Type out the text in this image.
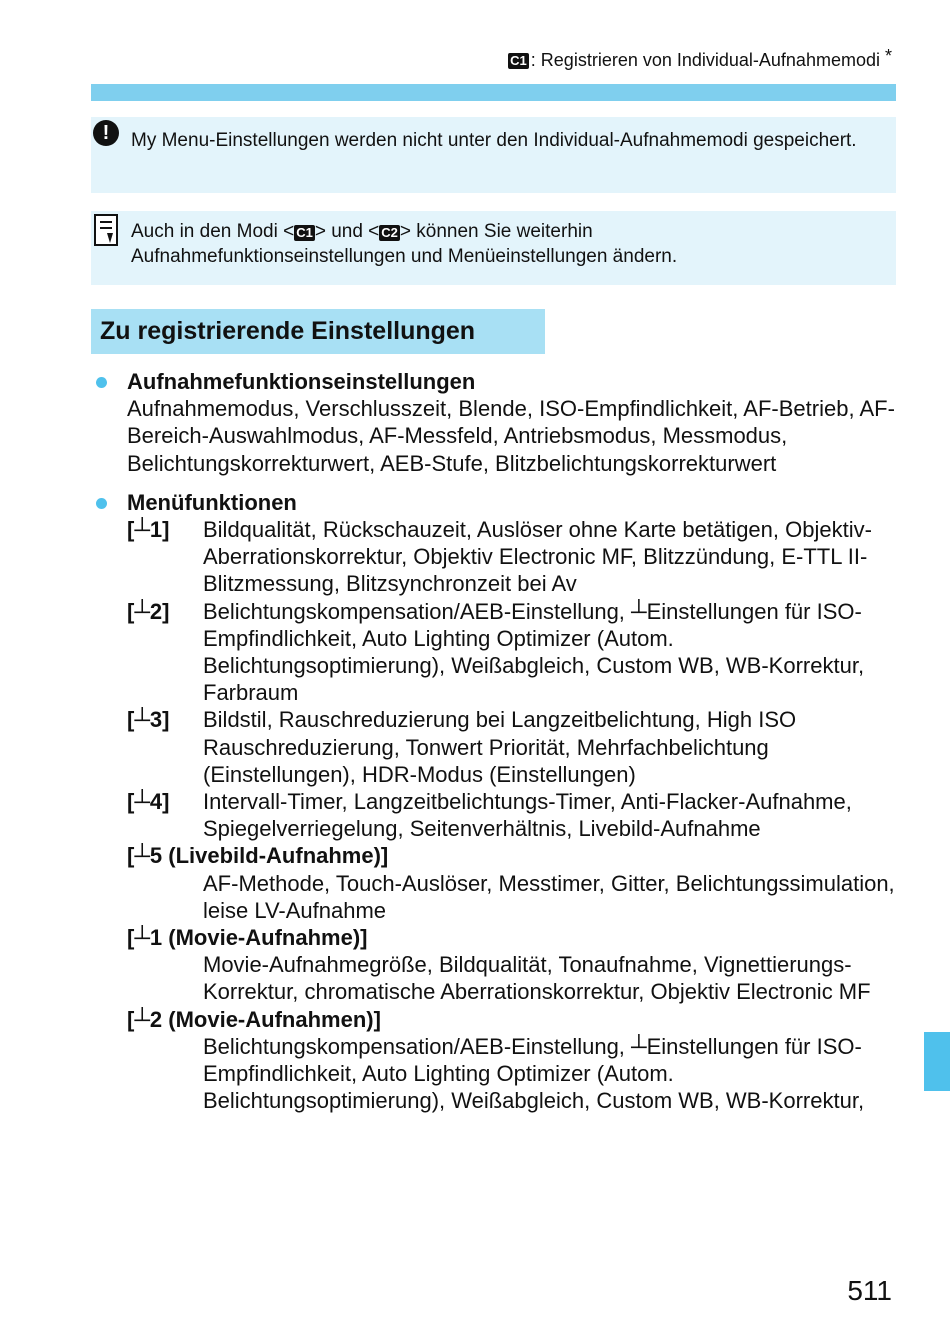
C1 : Registrieren von Individual-Aufnahmemodi *
!	My Menu-Einstellungen werden nicht unter den Individual-Aufnahmemodi gespeichert.
Auch in den Modi < C1 > und < C2 > können Sie weiterhin
Aufnahmefunktionseinstellungen und Menüeinstellungen ändern.
Zu registrierende Einstellungen
Aufnahmefunktionseinstellungen
Aufnahmemodus, Verschlusszeit, Blende, ISO-Empfindlichkeit, AF-Betrieb, AF-Bereich-Auswahlmodus, AF-Messfeld, Antriebsmodus, Messmodus, Belichtungskorrekturwert, AEB-Stufe, Blitzbelichtungskorrekturwert
Menüfunktionen
[┴1]	Bildqualität, Rückschauzeit, Auslöser ohne Karte betätigen, Objektiv-Aberrationskorrektur, Objektiv Electronic MF, Blitzzündung, E-TTL II-Blitzmessung, Blitzsynchronzeit bei Av
[┴2]	Belichtungskompensation/AEB-Einstellung, ┴Einstellungen für ISO-Empfindlichkeit, Auto Lighting Optimizer (Autom. Belichtungsoptimierung), Weißabgleich, Custom WB, WB-Korrektur, Farbraum
[┴3]	Bildstil, Rauschreduzierung bei Langzeitbelichtung, High ISO Rauschreduzierung, Tonwert Priorität, Mehrfachbelichtung (Einstellungen), HDR-Modus (Einstellungen)
[┴4]	Intervall-Timer, Langzeitbelichtungs-Timer, Anti-Flacker-Aufnahme, Spiegelverriegelung, Seitenverhältnis, Livebild-Aufnahme
[┴5 (Livebild-Aufnahme)]
AF-Methode, Touch-Auslöser, Messtimer, Gitter, Belichtungssimulation, leise LV-Aufnahme
[┴1 (Movie-Aufnahme)]
Movie-Aufnahmegröße, Bildqualität, Tonaufnahme, Vignettierungs-Korrektur, chromatische Aberrationskorrektur, Objektiv Electronic MF
[┴2 (Movie-Aufnahmen)]
Belichtungskompensation/AEB-Einstellung, ┴Einstellungen für ISO-Empfindlichkeit, Auto Lighting Optimizer (Autom. Belichtungsoptimierung), Weißabgleich, Custom WB, WB-Korrektur,
511
